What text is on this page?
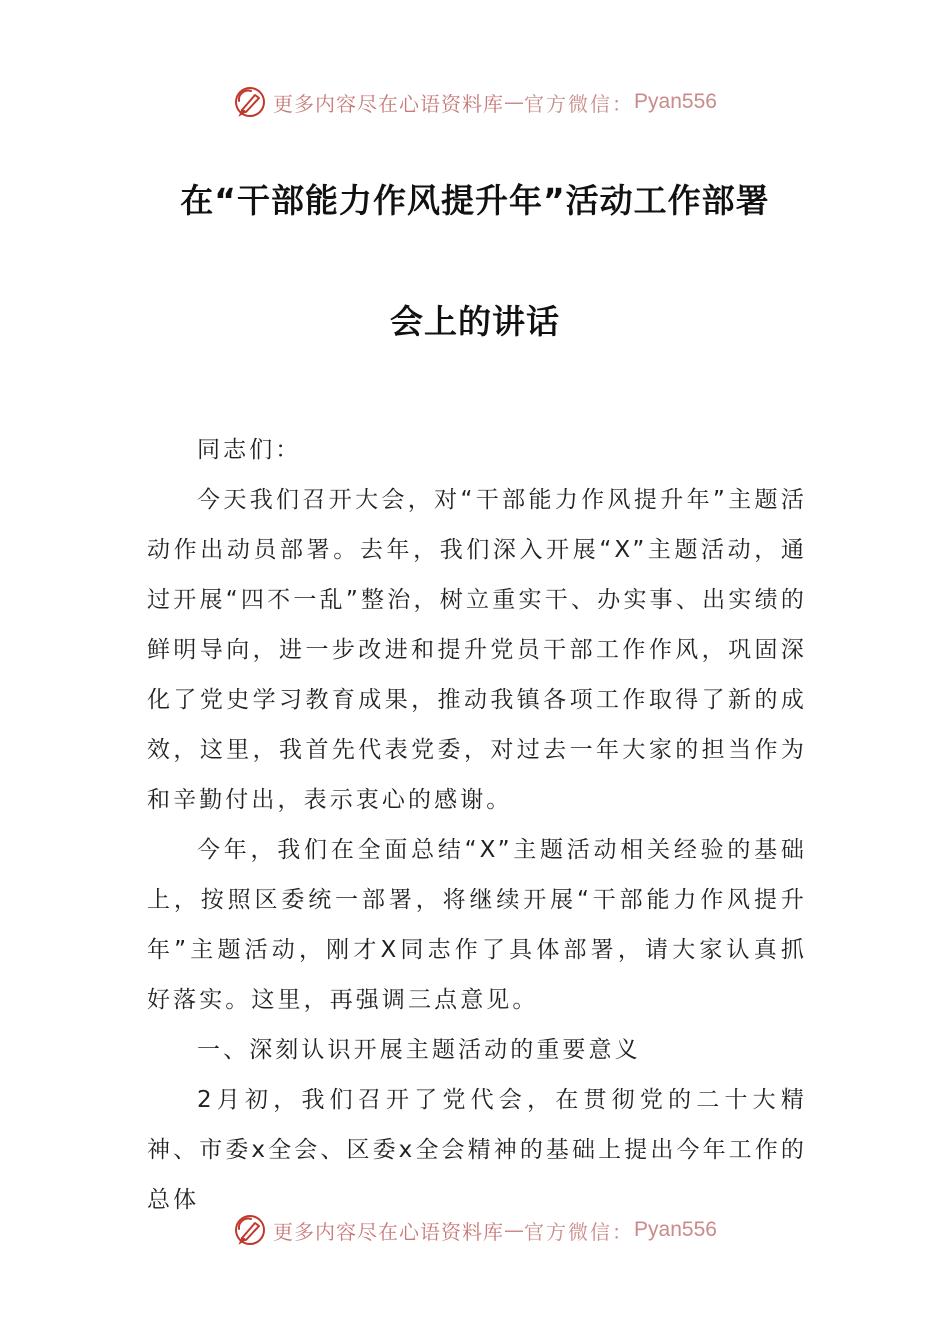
更多内容尽在心语资料库 — 官方微信： Pyan556
在“干部能力作风提升年”活动工作部署
会上的讲话

同志们：

今天我们召开大会，对“干部能力作风提升年”主题活动作出动员部署。去年，我们深入开展“X”主题活动，通过开展“四不一乱”整治，树立重实干、办实事、出实绩的鲜明导向，进一步改进和提升党员干部工作作风，巩固深化了党史学习教育成果，推动我镇各项工作取得了新的成效，这里，我首先代表党委，对过去一年大家的担当作为和辛勤付出，表示衷心的感谢。

今年，我们在全面总结“X”主题活动相关经验的基础上，按照区委统一部署，将继续开展“干部能力作风提升年”主题活动，刚才X同志作了具体部署，请大家认真抓好落实。这里，再强调三点意见。

一、深刻认识开展主题活动的重要意义

2月初，我们召开了党代会，在贯彻党的二十大精神、市委x全会、区委x全会精神的基础上提出今年工作的总体

更多内容尽在心语资料库 — 官方微信： Pyan556
